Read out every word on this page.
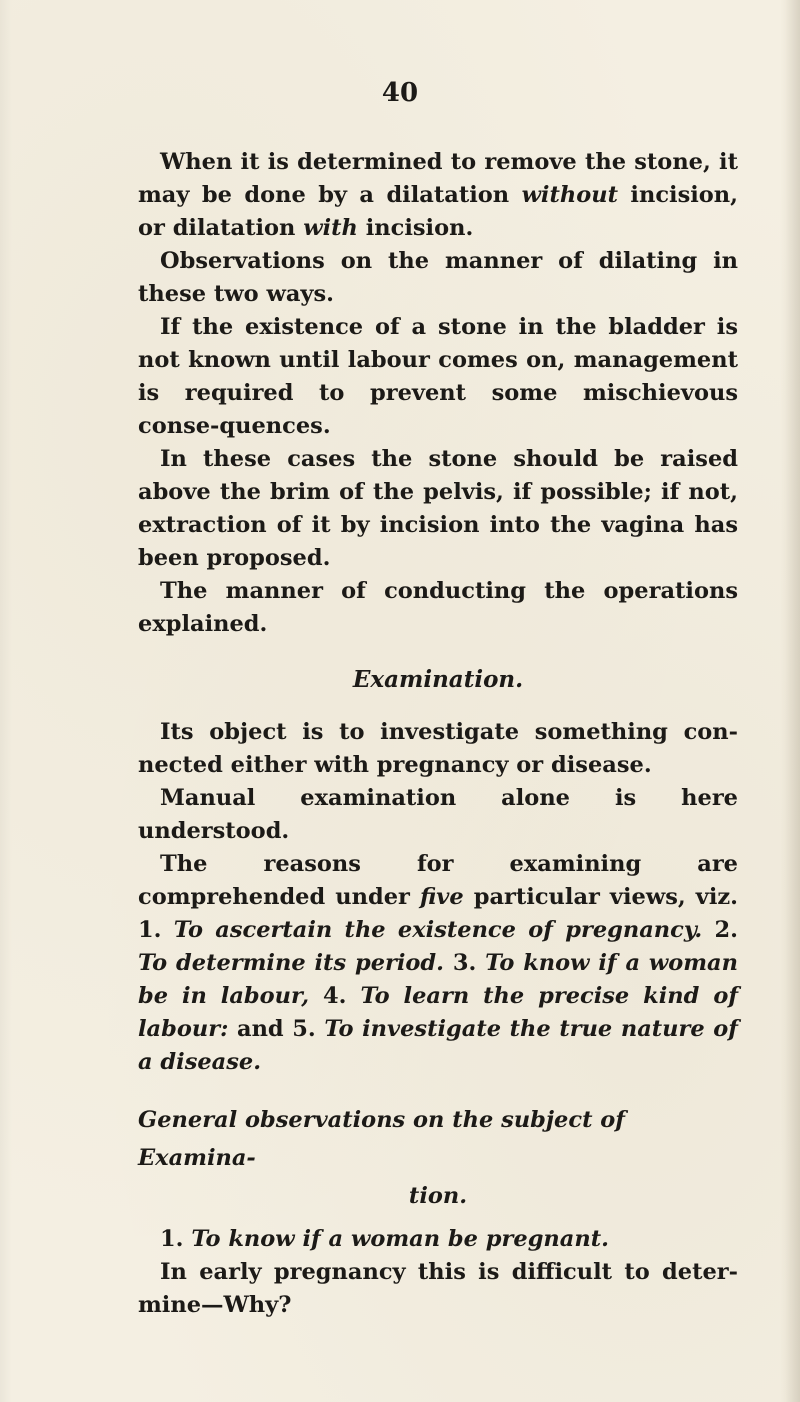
40

When it is determined to remove the stone, it may be done by a dilatation without incision, or dilatation with incision.

Observations on the manner of dilating in these two ways.

If the existence of a stone in the bladder is not known until labour comes on, management is required to prevent some mischievous conse-quences.

In these cases the stone should be raised above the brim of the pelvis, if possible; if not, extraction of it by incision into the vagina has been proposed.

The manner of conducting the operations explained.

Examination.

Its object is to investigate something con-nected either with pregnancy or disease.

Manual examination alone is here understood.

The reasons for examining are comprehended under five particular views, viz. 1. To ascertain the existence of pregnancy. 2. To determine its period. 3. To know if a woman be in labour, 4. To learn the precise kind of labour: and 5. To investigate the true nature of a disease.

General observations on the subject of Examina-
tion.

1. To know if a woman be pregnant.

In early pregnancy this is difficult to deter-mine—Why?
